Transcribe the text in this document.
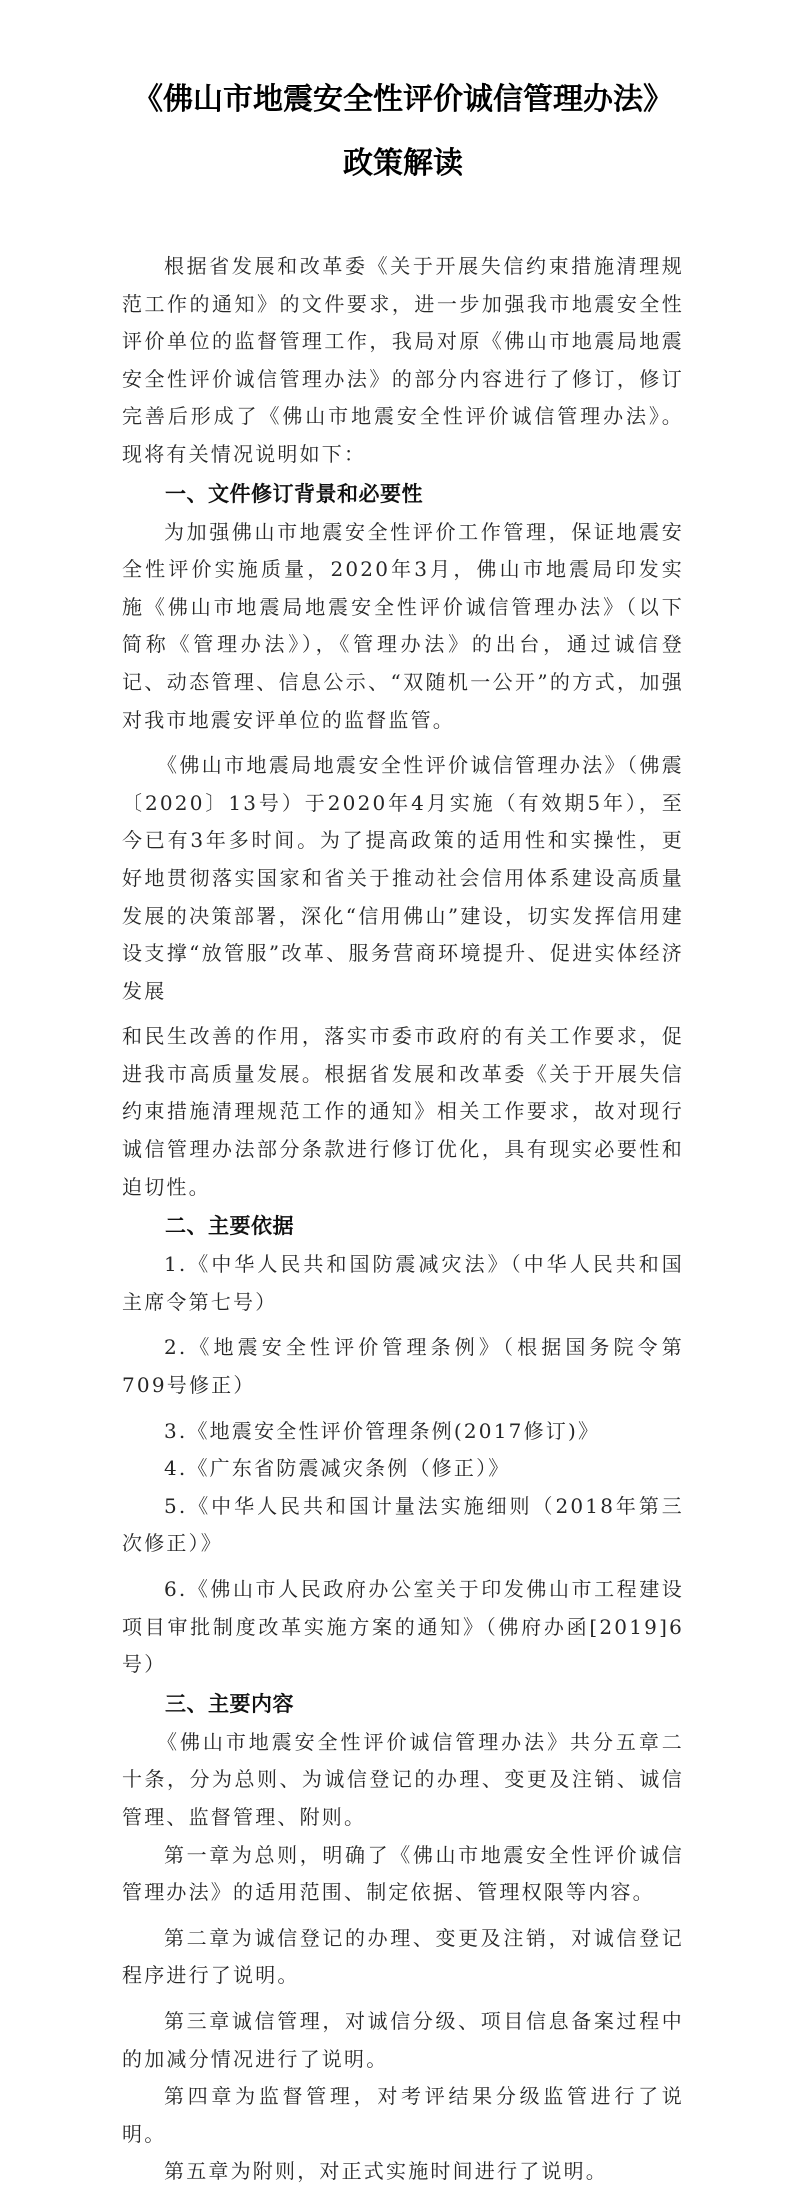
《佛山市地震安全性评价诚信管理办法》
政策解读

根据省发展和改革委《关于开展失信约束措施清理规范工作的通知》的文件要求，进一步加强我市地震安全性评价单位的监督管理工作，我局对原《佛山市地震局地震安全性评价诚信管理办法》的部分内容进行了修订，修订完善后形成了《佛山市地震安全性评价诚信管理办法》。现将有关情况说明如下：

一、文件修订背景和必要性

为加强佛山市地震安全性评价工作管理，保证地震安全性评价实施质量，2020年3月，佛山市地震局印发实施《佛山市地震局地震安全性评价诚信管理办法》（以下简称《管理办法》），《管理办法》的出台，通过诚信登记、动态管理、信息公示、“双随机一公开”的方式，加强对我市地震安评单位的监督监管。

《佛山市地震局地震安全性评价诚信管理办法》（佛震〔2020〕13号）于2020年4月实施（有效期5年），至今已有3年多时间。为了提高政策的适用性和实操性，更好地贯彻落实国家和省关于推动社会信用体系建设高质量发展的决策部署，深化“信用佛山”建设，切实发挥信用建设支撑“放管服”改革、服务营商环境提升、促进实体经济发展

和民生改善的作用，落实市委市政府的有关工作要求，促进我市高质量发展。根据省发展和改革委《关于开展失信约束措施清理规范工作的通知》相关工作要求，故对现行诚信管理办法部分条款进行修订优化，具有现实必要性和迫切性。

二、主要依据

1.《中华人民共和国防震减灾法》（中华人民共和国主席令第七号）

2.《地震安全性评价管理条例》（根据国务院令第709号修正）

3.《地震安全性评价管理条例(2017修订)》

4.《广东省防震减灾条例（修正）》

5.《中华人民共和国计量法实施细则（2018年第三次修正）》

6.《佛山市人民政府办公室关于印发佛山市工程建设项目审批制度改革实施方案的通知》（佛府办函[2019]6号）

三、主要内容

《佛山市地震安全性评价诚信管理办法》共分五章二十条，分为总则、为诚信登记的办理、变更及注销、诚信管理、监督管理、附则。

第一章为总则，明确了《佛山市地震安全性评价诚信管理办法》的适用范围、制定依据、管理权限等内容。

第二章为诚信登记的办理、变更及注销，对诚信登记程序进行了说明。

第三章诚信管理，对诚信分级、项目信息备案过程中的加减分情况进行了说明。

第四章为监督管理，对考评结果分级监管进行了说明。

第五章为附则，对正式实施时间进行了说明。
